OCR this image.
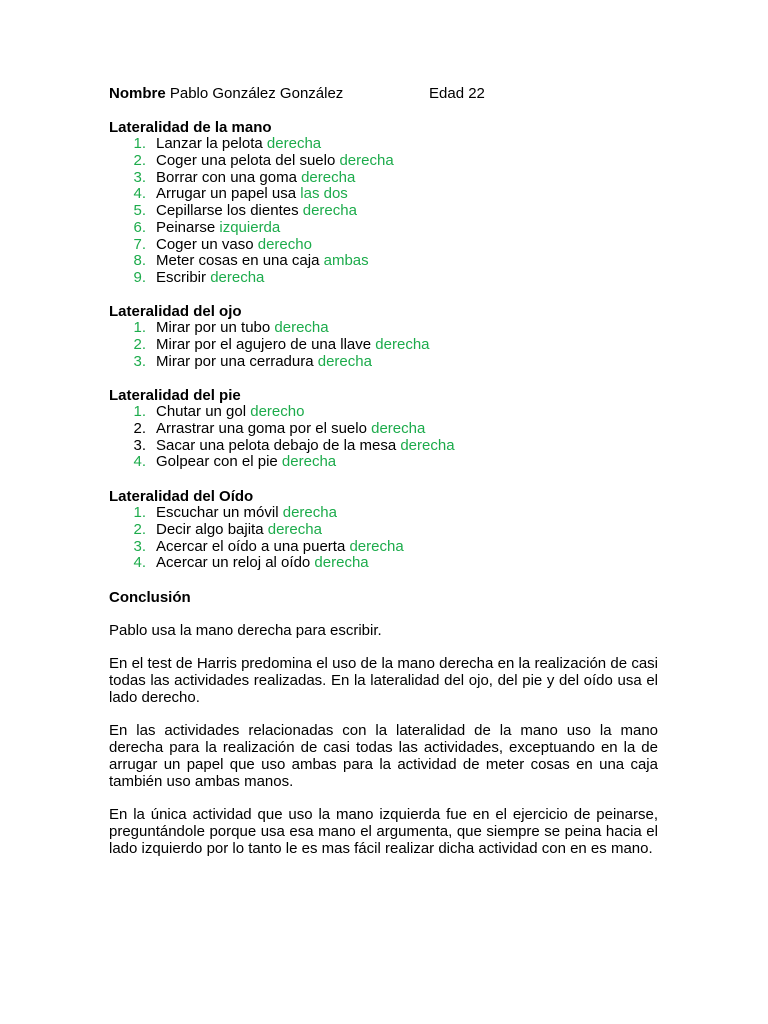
Nombre Pablo González González	Edad 22
Lateralidad de la mano
1. Lanzar la pelota derecha
2. Coger una pelota del suelo derecha
3. Borrar con una goma derecha
4. Arrugar un papel usa las dos
5. Cepillarse los dientes derecha
6. Peinarse izquierda
7. Coger un vaso derecho
8. Meter cosas en una caja ambas
9. Escribir derecha
Lateralidad del ojo
1. Mirar por un tubo derecha
2. Mirar por el agujero de una llave derecha
3. Mirar por una cerradura derecha
Lateralidad del pie
1. Chutar un gol derecho
2. Arrastrar una goma por el suelo derecha
3. Sacar una pelota debajo de la mesa derecha
4. Golpear con el pie derecha
Lateralidad del Oído
1. Escuchar un móvil derecha
2. Decir algo bajita derecha
3. Acercar el oído a una puerta derecha
4. Acercar un reloj al oído derecha
Conclusión

Pablo usa la mano derecha para escribir.

En el test de Harris predomina el uso de la mano derecha en la realización de casi todas las actividades realizadas. En la lateralidad del ojo, del pie y del oído usa el lado derecho.

En las actividades relacionadas con la lateralidad de la mano uso la mano derecha para la realización de casi todas las actividades, exceptuando en la de arrugar un papel que uso ambas para la actividad de meter cosas en una caja también uso ambas manos.

En la única actividad que uso la mano izquierda fue en el ejercicio de peinarse, preguntándole porque usa esa mano el argumenta, que siempre se peina hacia el lado izquierdo por lo tanto le es mas fácil realizar dicha actividad con en es mano.
